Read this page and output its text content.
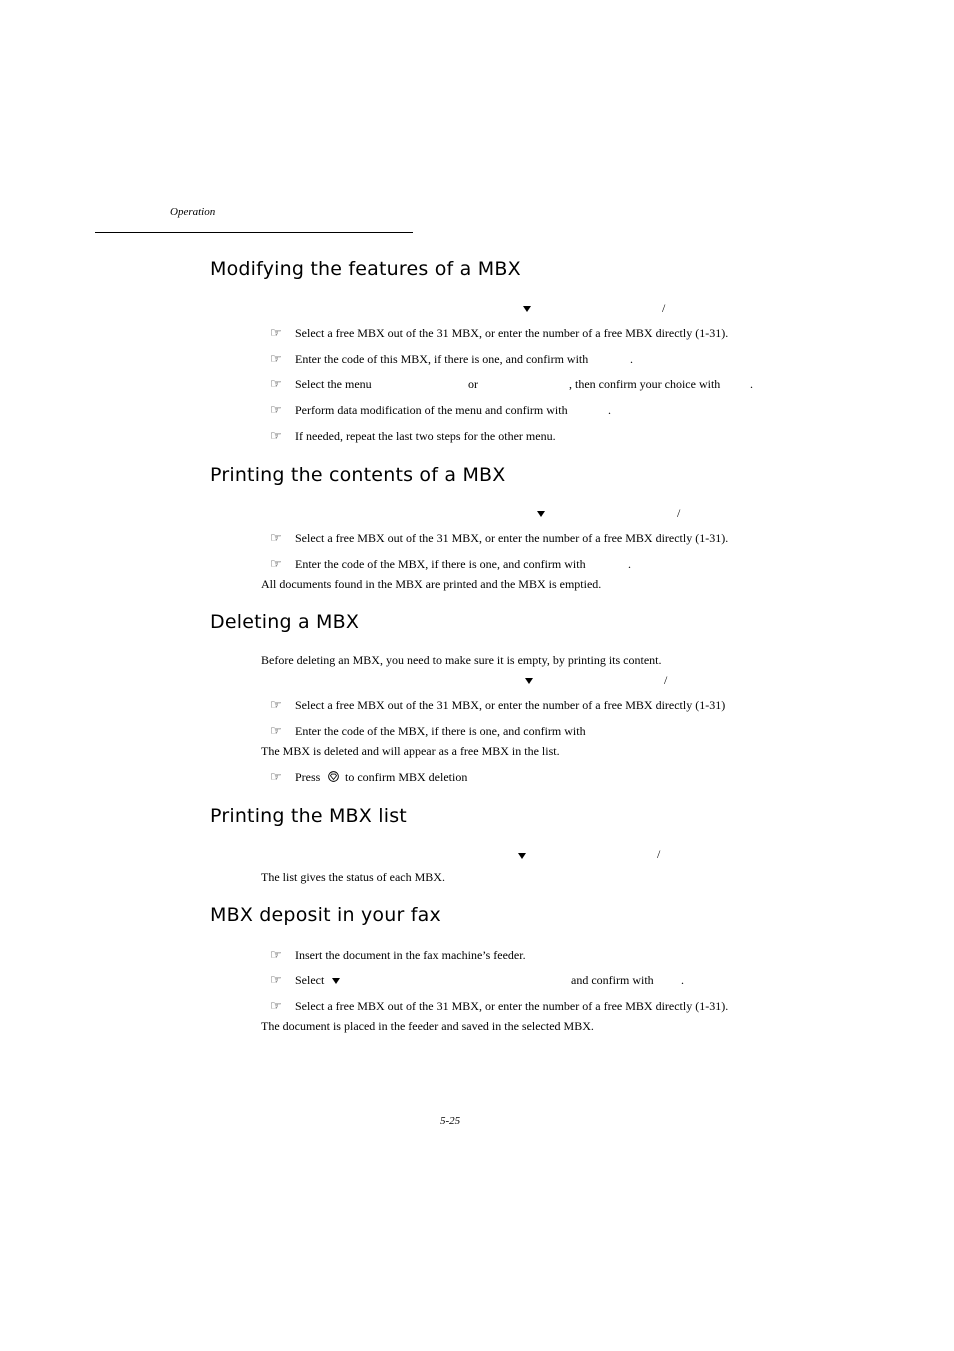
Operation
Modifying the features of a MBX
/
☞ Select a free MBX out of the 31 MBX, or enter the number of a free MBX directly (1-31).
☞ Enter the code of this MBX, if there is one, and confirm with	.
☞ Select the menu	or	, then confirm your choice with .
☞ Perform data modification of the menu and confirm with	.
☞ If needed, repeat the last two steps for the other menu.
Printing the contents of a MBX
/
☞ Select a free MBX out of the 31 MBX, or enter the number of a free MBX directly (1-31).
☞ Enter the code of the MBX, if there is one, and confirm with	.
All documents found in the MBX are printed and the MBX is emptied.
Deleting a MBX
Before deleting an MBX, you need to make sure it is empty, by printing its content.
/
☞ Select a free MBX out of the 31 MBX, or enter the number of a free MBX directly (1-31)
☞ Enter the code of the MBX, if there is one, and confirm with
The MBX is deleted and will appear as a free MBX in the list.
☞ Press to confirm MBX deletion
Printing the MBX list
/
The list gives the status of each MBX.
MBX deposit in your fax
☞ Insert the document in the fax machine’s feeder.
☞ Select	and confirm with .
☞ Select a free MBX out of the 31 MBX, or enter the number of a free MBX directly (1-31).
The document is placed in the feeder and saved in the selected MBX.
5-25
